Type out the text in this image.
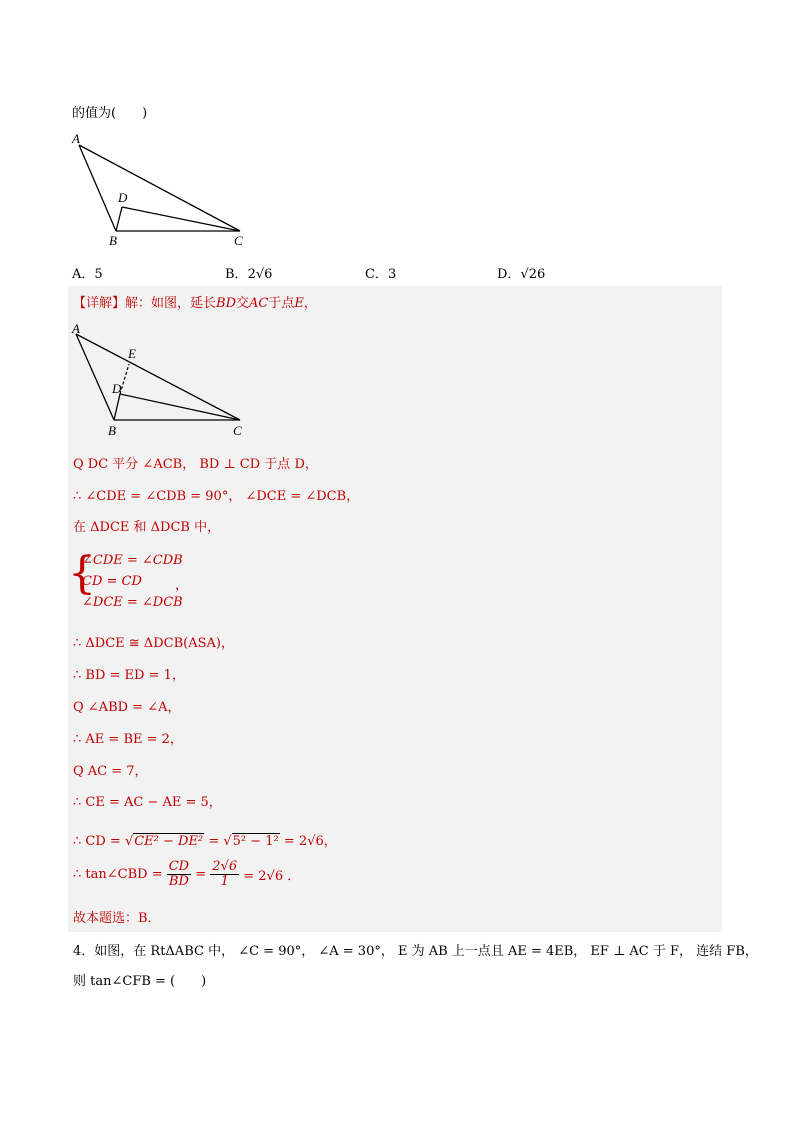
的值为(　　)
A
B	C
D
A．5	B．2√6	C．3	D．√26
【详解】解：如图，延长BD交AC于点E，
A
E
D
B	C
Q DC 平分 ∠ACB， BD ⊥ CD 于点 D，
∴ ∠CDE = ∠CDB = 90°， ∠DCE = ∠DCB，
在 ΔDCE 和 ΔDCB 中，
{
∠CDE = ∠CDB
CD = CD
∠DCE = ∠DCB
，
∴ ΔDCE ≅ ΔDCB(ASA)，
∴ BD = ED = 1，
Q ∠ABD = ∠A，
∴ AE = BE = 2，
Q AC = 7，
∴ CE = AC − AE = 5，
∴ CD = √CE² − DE² = √5² − 1² = 2√6，
∴ tan∠CBD = $\frac{CD}{BD} = \frac{2√6}{1} = 2√6$ ．
故本题选：B．
4．如图，在 RtΔABC 中， ∠C = 90°， ∠A = 30°， E 为 AB 上一点且 AE = 4EB， EF ⊥ AC 于 F， 连结 FB，
则 tan∠CFB = (　　)
